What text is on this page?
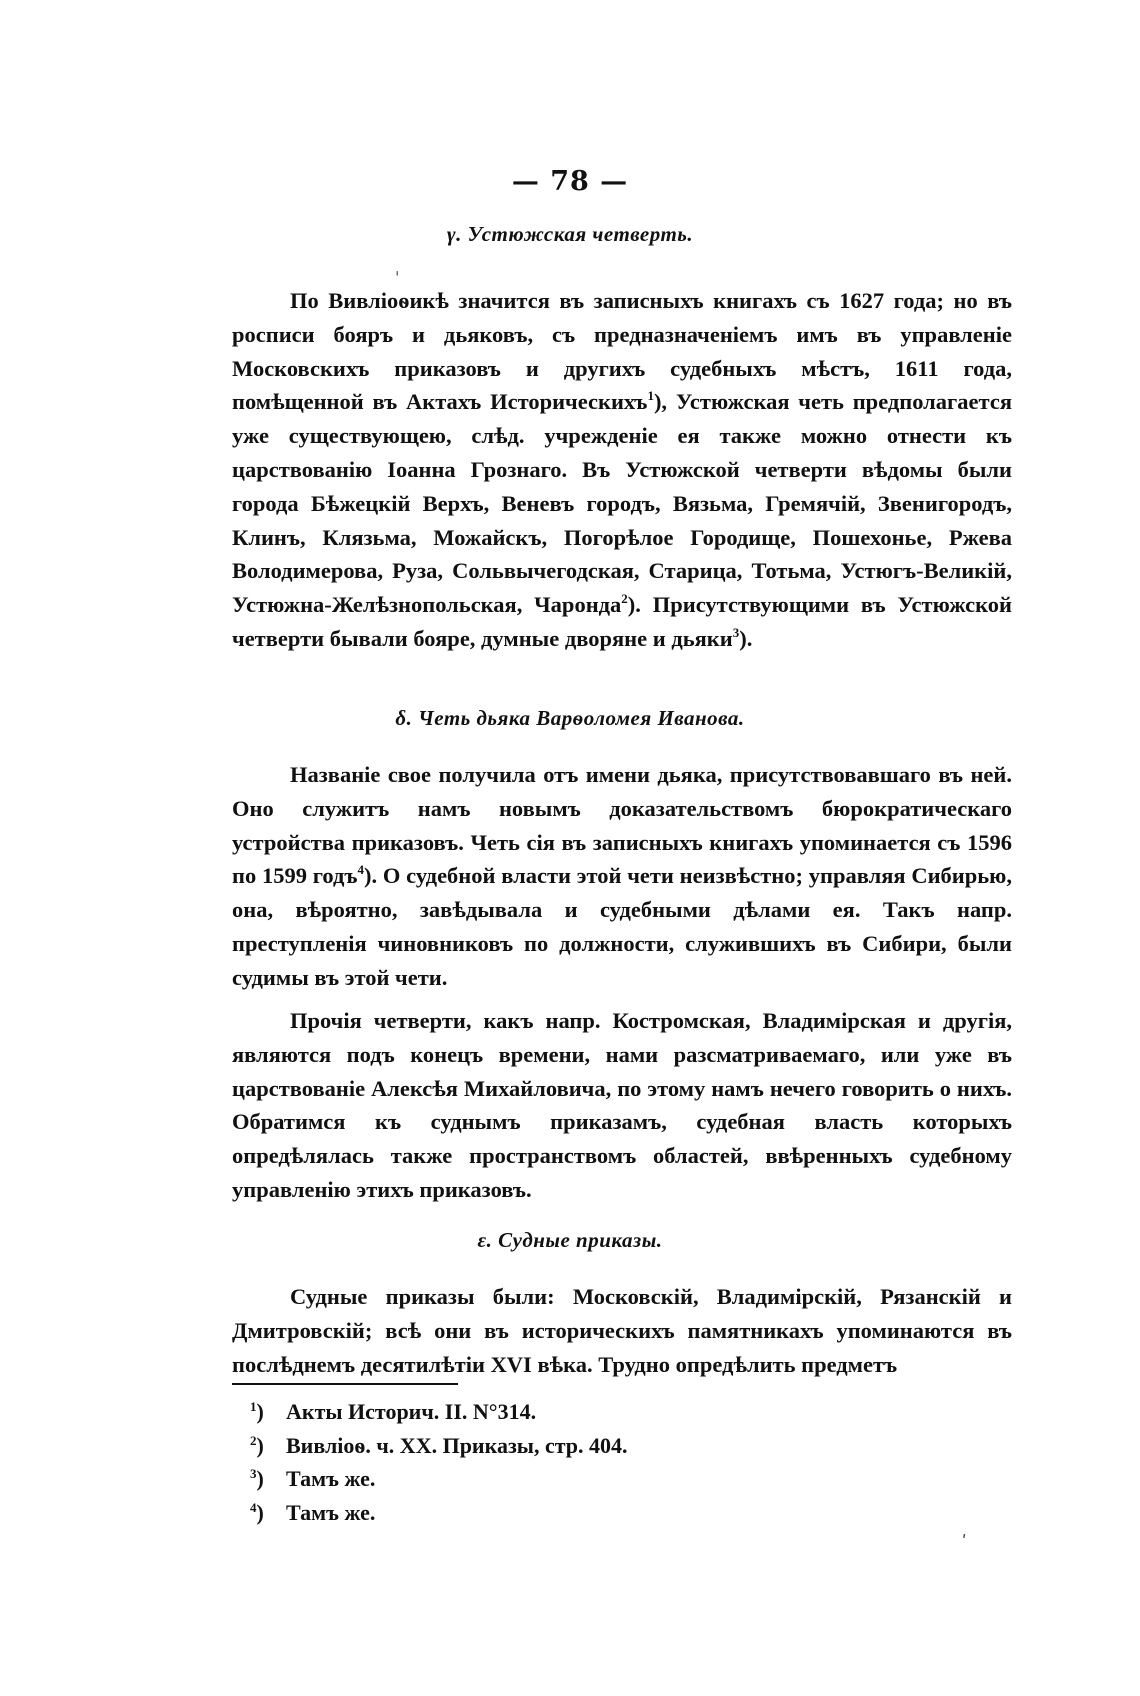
— 78 —
γ. Устюжская четверть.
ˌ

По Вивліоѳикѣ значится въ записныхъ книгахъ съ 1627 года; но въ росписи бояръ и дьяковъ, съ предназначеніемъ имъ въ управленіе Московскихъ приказовъ и другихъ судебныхъ мѣстъ, 1611 года, помѣщенной въ Актахъ Историческихъ$^1$), Устюжская четь предполагается уже существующею, слѣд. учрежденіе ея также можно отнести къ царствованію Іоанна Грознаго. Въ Устюжской четверти вѣдомы были города Бѣжецкій Верхъ, Веневъ городъ, Вязьма, Гремячій, Звенигородъ, Клинъ, Клязьма, Можайскъ, Погорѣлое Городище, Пошехонье, Ржева Володимерова, Руза, Сольвычегодская, Старица, Тотьма, Устюгъ-Великій, Устюжна-Желѣзнопольская, Чаронда$^2$). Присутствующими въ Устюжской четверти бывали бояре, думные дворяне и дьяки$^3$).

δ. Четь дьяка Варѳоломея Иванова.

Названіе свое получила отъ имени дьяка, присутствовавшаго въ ней. Оно служитъ намъ новымъ доказательствомъ бюрократическаго устройства приказовъ. Четь сія въ записныхъ книгахъ упоминается съ 1596 по 1599 годъ$^4$). О судебной власти этой чети неизвѣстно; управляя Сибирью, она, вѣроятно, завѣдывала и судебными дѣлами ея. Такъ напр. преступленія чиновниковъ по должности, служившихъ въ Сибири, были судимы въ этой чети.

Прочія четверти, какъ напр. Костромская, Владимірская и другія, являются подъ конецъ времени, нами разсматриваемаго, или уже въ царствованіе Алексѣя Михайловича, по этому намъ нечего говорить о нихъ. Обратимся къ суднымъ приказамъ, судебная власть которыхъ опредѣлялась также пространствомъ областей, ввѣренныхъ судебному управленію этихъ приказовъ.

ε. Судные приказы.

Судные приказы были: Московскій, Владимірскій, Рязанскій и Дмитровскій; всѣ они въ историческихъ памятникахъ упоминаются въ послѣднемъ десятилѣтіи XVI вѣка. Трудно опредѣлить предметъ

$^1$) Акты Историч. II. N°314.
$^2$) Вивліоѳ. ч. XX. Приказы, стр. 404.
$^3$) Тамъ же.
$^4$) Тамъ же.
ʹ
